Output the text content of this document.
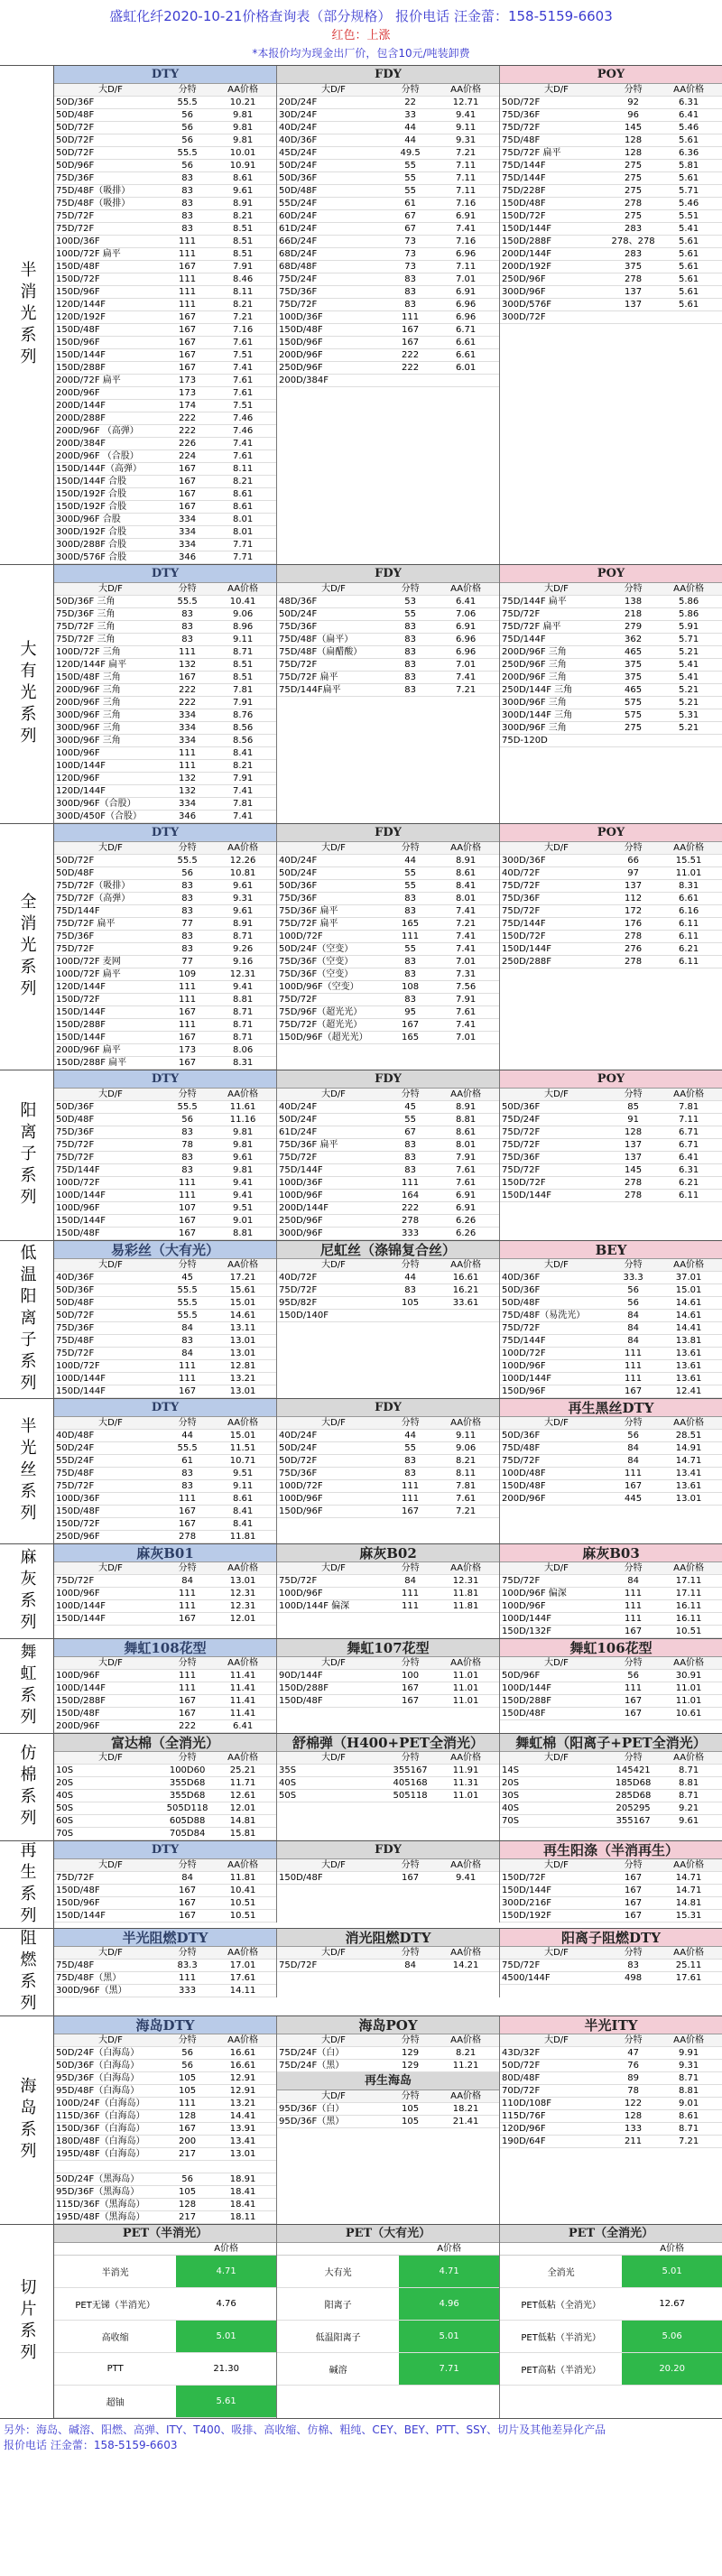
盛虹化纤2020-10-21价格查询表（部分规格） 报价电话 汪金蕾：158-5159-6603
红色：上涨
*本报价均为现金出厂价，包含10元/吨装卸费
半消光系列
DTY
大D/F	分特	AA价格
50D/36F	55.5	10.21
50D/48F	56	9.81
50D/72F	56	9.81
50D/72F	56	9.81
50D/72F	55.5	10.01
50D/96F	56	10.91
75D/36F	83	8.61
75D/48F（吸排）	83	9.61
75D/48F（吸排）	83	8.91
75D/72F	83	8.21
75D/72F	83	8.51
100D/36F	111	8.51
100D/72F 扁平	111	8.51
150D/48F	167	7.91
150D/72F	111	8.46
150D/96F	111	8.11
120D/144F	111	8.21
120D/192F	167	7.21
150D/48F	167	7.16
150D/96F	167	7.61
150D/144F	167	7.51
150D/288F	167	7.41
200D/72F 扁平	173	7.61
200D/96F	173	7.61
200D/144F	174	7.51
200D/288F	222	7.46
200D/96F （高弹）	222	7.46
200D/384F	226	7.41
200D/96F （合股）	224	7.61
150D/144F（高弹）	167	8.11
150D/144F 合股	167	8.21
150D/192F 合股	167	8.61
150D/192F 合股	167	8.61
300D/96F 合股	334	8.01
300D/192F 合股	334	8.01
300D/288F 合股	334	7.71
300D/576F 合股	346	7.71
FDY
大D/F	分特	AA价格
20D/24F	22	12.71
30D/24F	33	9.41
40D/24F	44	9.11
40D/36F	44	9.31
45D/24F	49.5	7.21
50D/24F	55	7.11
50D/36F	55	7.11
50D/48F	55	7.11
55D/24F	61	7.16
60D/24F	67	6.91
61D/24F	67	7.41
66D/24F	73	7.16
68D/24F	73	6.96
68D/48F	73	7.11
75D/24F	83	7.01
75D/36F	83	6.91
75D/72F	83	6.96
100D/36F	111	6.96
150D/48F	167	6.71
150D/96F	167	6.61
200D/96F	222	6.61
250D/96F	222	6.01
200D/384F
POY
大D/F	分特	AA价格
50D/72F	92	6.31
75D/36F	96	6.41
75D/72F	145	5.46
75D/48F	128	5.61
75D/72F 扁平	128	6.36
75D/144F	275	5.81
75D/144F	275	5.61
75D/228F	275	5.71
150D/48F	278	5.46
150D/72F	275	5.51
150D/144F	283	5.41
150D/288F	278、278	5.61
200D/144F	283	5.61
200D/192F	375	5.61
250D/96F	278	5.61
300D/96F	137	5.61
300D/576F	137	5.61
300D/72F
大有光系列
DTY
大D/F	分特	AA价格
50D/36F 三角	55.5	10.41
75D/36F 三角	83	9.06
75D/72F 三角	83	8.96
75D/72F 三角	83	9.11
100D/72F 三角	111	8.71
120D/144F 扁平	132	8.51
150D/48F 三角	167	8.51
200D/96F 三角	222	7.81
200D/96F 三角	222	7.91
300D/96F 三角	334	8.76
300D/96F 三角	334	8.56
300D/96F 三角	334	8.56
100D/96F	111	8.41
100D/144F	111	8.21
120D/96F	132	7.91
120D/144F	132	7.41
300D/96F（合股）	334	7.81
300D/450F（合股）	346	7.41
FDY
大D/F	分特	AA价格
48D/36F	53	6.41
50D/24F	55	7.06
75D/36F	83	6.91
75D/48F（扁平）	83	6.96
75D/48F（扁醋酸）	83	6.96
75D/72F	83	7.01
75D/72F 扁平	83	7.41
75D/144F扁平	83	7.21
POY
大D/F	分特	AA价格
75D/144F 扁平	138	5.86
75D/72F	218	5.86
75D/72F 扁平	279	5.91
75D/144F	362	5.71
200D/96F 三角	465	5.21
250D/96F 三角	375	5.41
200D/96F 三角	375	5.41
250D/144F 三角	465	5.21
300D/96F 三角	575	5.21
300D/144F 三角	575	5.31
300D/96F 三角	275	5.21
75D-120D
全消光系列
DTY
大D/F	分特	AA价格
50D/72F	55.5	12.26
50D/48F	56	10.81
75D/72F（吸排）	83	9.61
75D/72F（高弹）	83	9.31
75D/144F	83	9.61
75D/72F 扁平	77	8.91
75D/36F	83	8.71
75D/72F	83	9.26
100D/72F 麦网	77	9.16
100D/72F 扁平	109	12.31
120D/144F	111	9.41
150D/72F	111	8.81
150D/144F	167	8.71
150D/288F	111	8.71
150D/144F	167	8.71
200D/96F 扁平	173	8.06
150D/288F 扁平	167	8.31
FDY
大D/F	分特	AA价格
40D/24F	44	8.91
50D/24F	55	8.61
50D/36F	55	8.41
75D/36F	83	8.01
75D/36F 扁平	83	7.41
75D/72F 扁平	165	7.21
100D/72F	111	7.41
50D/24F（空变）	55	7.41
75D/36F（空变）	83	7.01
75D/36F（空变）	83	7.31
100D/96F（空变）	108	7.56
75D/72F	83	7.91
75D/96F（超光光）	95	7.61
75D/72F（超光光）	167	7.41
150D/96F（超光光）	165	7.01
POY
大D/F	分特	AA价格
300D/36F	66	15.51
40D/72F	97	11.01
75D/72F	137	8.31
75D/36F	112	6.61
75D/72F	172	6.16
75D/144F	176	6.11
150D/72F	278	6.11
150D/144F	276	6.21
250D/288F	278	6.11
阳离子系列
DTY
大D/F	分特	AA价格
50D/36F	55.5	11.61
50D/48F	56	11.16
75D/36F	83	9.81
75D/72F	78	9.81
75D/72F	83	9.61
75D/144F	83	9.81
100D/72F	111	9.41
100D/144F	111	9.41
100D/96F	107	9.51
150D/144F	167	9.01
150D/48F	167	8.81
FDY
大D/F	分特	AA价格
40D/24F	45	8.91
50D/24F	55	8.81
61D/24F	67	8.61
75D/36F 扁平	83	8.01
75D/72F	83	7.91
75D/144F	83	7.61
100D/36F	111	7.61
100D/96F	164	6.91
200D/144F	222	6.91
250D/96F	278	6.26
300D/96F	333	6.26
POY
大D/F	分特	AA价格
50D/36F	85	7.81
75D/24F	91	7.11
75D/72F	128	6.71
75D/72F	137	6.71
75D/36F	137	6.41
75D/72F	145	6.31
150D/72F	278	6.21
150D/144F	278	6.11
低温阳离子系列	易彩丝（大有光）
大D/F	分特	AA价格
40D/36F	45	17.21
50D/36F	55.5	15.61
50D/48F	55.5	15.01
50D/72F	55.5	14.61
75D/36F	84	13.11
75D/48F	83	13.01
75D/72F	84	13.01
100D/72F	111	12.81
100D/144F	111	13.21
150D/144F	167	13.01
尼虹丝（涤锦复合丝）
大D/F	分特	AA价格
40D/72F	44	16.61
75D/72F	83	16.21
95D/82F	105	33.61
150D/140F
BEY
大D/F	分特	AA价格
40D/36F	33.3	37.01
50D/36F	56	15.01
50D/48F	56	14.61
75D/48F（易洗光）	84	14.61
75D/72F	84	14.41
75D/144F	84	13.81
100D/72F	111	13.61
100D/96F	111	13.61
100D/144F	111	13.61
150D/96F	167	12.41
半光丝系列
DTY
大D/F	分特	AA价格
40D/48F	44	15.01
50D/24F	55.5	11.51
55D/24F	61	10.71
75D/48F	83	9.51
75D/72F	83	9.11
100D/36F	111	8.61
150D/48F	167	8.41
150D/72F	167	8.41
250D/96F	278	11.81
FDY
大D/F	分特	AA价格
40D/24F	44	9.11
50D/24F	55	9.06
50D/72F	83	8.21
75D/36F	83	8.11
100D/72F	111	7.81
100D/96F	111	7.61
150D/96F	167	7.21
再生黑丝DTY
大D/F	分特	AA价格
50D/36F	56	28.51
75D/48F	84	14.91
75D/72F	84	14.71
100D/48F	111	13.41
150D/48F	167	13.61
200D/96F	445	13.01
麻灰系列	麻灰B01
大D/F	分特	AA价格
75D/72F	84	13.01
100D/96F	111	12.31
100D/144F	111	12.31
150D/144F	167	12.01
麻灰B02
大D/F	分特	AA价格
75D/72F	84	12.31
100D/96F	111	11.81
100D/144F 偏深	111	11.81
麻灰B03
大D/F	分特	AA价格
75D/72F	84	17.11
100D/96F 偏深	111	17.11
100D/96F	111	16.11
100D/144F	111	16.11
150D/132F	167	10.51
舞虹系列	舞虹108花型
大D/F	分特	AA价格
100D/96F	111	11.41
100D/144F	111	11.41
150D/288F	167	11.41
150D/48F	167	11.41
200D/96F	222	6.41
舞虹107花型
大D/F	分特	AA价格
90D/144F	100	11.01
150D/288F	167	11.01
150D/48F	167	11.01
舞虹106花型
大D/F	分特	AA价格
50D/96F	56	30.91
100D/144F	111	11.01
150D/288F	167	11.01
150D/48F	167	10.61
仿棉系列
富达棉（全消光）
大D/F	分特	AA价格
10S	100D60	25.21
20S	355D68	11.71
40S	355D68	12.61
50S	505D118	12.01
60S	605D88	14.81
70S	705D84	15.81
舒棉弹（H400+PET全消光）
大D/F	分特	AA价格
35S	355167	11.91
40S	405168	11.31
50S	505118	11.01
舞虹棉（阳离子+PET全消光）
大D/F	分特	AA价格
14S	145421	8.71
20S	185D68	8.81
30S	285D68	8.71
40S	205295	9.21
70S	355167	9.61
再生系列	DTY
大D/F	分特	AA价格
75D/72F	84	11.81
150D/48F	167	10.41
150D/96F	167	10.51
150D/144F	167	10.51
FDY
大D/F	分特	AA价格
150D/48F	167	9.41
再生阳涤（半消再生）
大D/F	分特	AA价格
150D/72F	167	14.71
150D/144F	167	14.71
300D/216F	167	14.81
150D/192F	167	15.31
阻燃系列	半光阻燃DTY
大D/F	分特	AA价格
75D/48F	83.3	17.01
75D/48F（黑）	111	17.61
300D/96F（黑）	333	14.11
消光阻燃DTY
大D/F	分特	AA价格
75D/72F	84	14.21
阳离子阻燃DTY
大D/F	分特	AA价格
75D/72F	83	25.11
4500/144F	498	17.61
海岛系列
海岛DTY
大D/F	分特	AA价格
50D/24F（白海岛）	56	16.61
50D/36F（白海岛）	56	16.61
95D/36F（白海岛）	105	12.91
95D/48F（白海岛）	105	12.91
100D/24F（白海岛）	111	13.21
115D/36F（白海岛）	128	14.41
150D/36F（白海岛）	167	13.91
180D/48F（白海岛）	200	13.41
195D/48F（白海岛）	217	13.01
50D/24F（黑海岛）	56	18.91
95D/36F（黑海岛）	105	18.41
115D/36F（黑海岛）	128	18.41
195D/48F（黑海岛）	217	18.11
海岛POY
大D/F	分特	AA价格
75D/24F（白）	129	8.21
75D/24F（黑）	129	11.21
再生海岛
大D/F	分特	AA价格
95D/36F（白）	105	18.21
95D/36F（黑）	105	21.41
半光ITY
大D/F	分特	AA价格
43D/32F	47	9.91
50D/72F	76	9.31
80D/48F	89	8.71
70D/72F	78	8.81
110D/108F	122	9.01
115D/76F	128	8.61
120D/96F	133	8.71
190D/64F	211	7.21
切片系列
PET（半消光）
A价格
半消光	4.71
PET无锑（半消光）	4.76
高收缩	5.01
PTT	21.30
超铀	5.61
PET（大有光）
A价格
大有光	4.71
阳离子	4.96
低温阳离子	5.01
碱溶	7.71
PET（全消光）
A价格
全消光	5.01
PET低粘（全消光）	12.67
PET低粘（半消光）	5.06
PET高粘（半消光）	20.20
另外：海岛、碱溶、阳燃、高弹、ITY、T400、吸排、高收缩、仿棉、粗纯、CEY、BEY、PTT、SSY、切片及其他差异化产品
报价电话 汪金蕾：158-5159-6603
